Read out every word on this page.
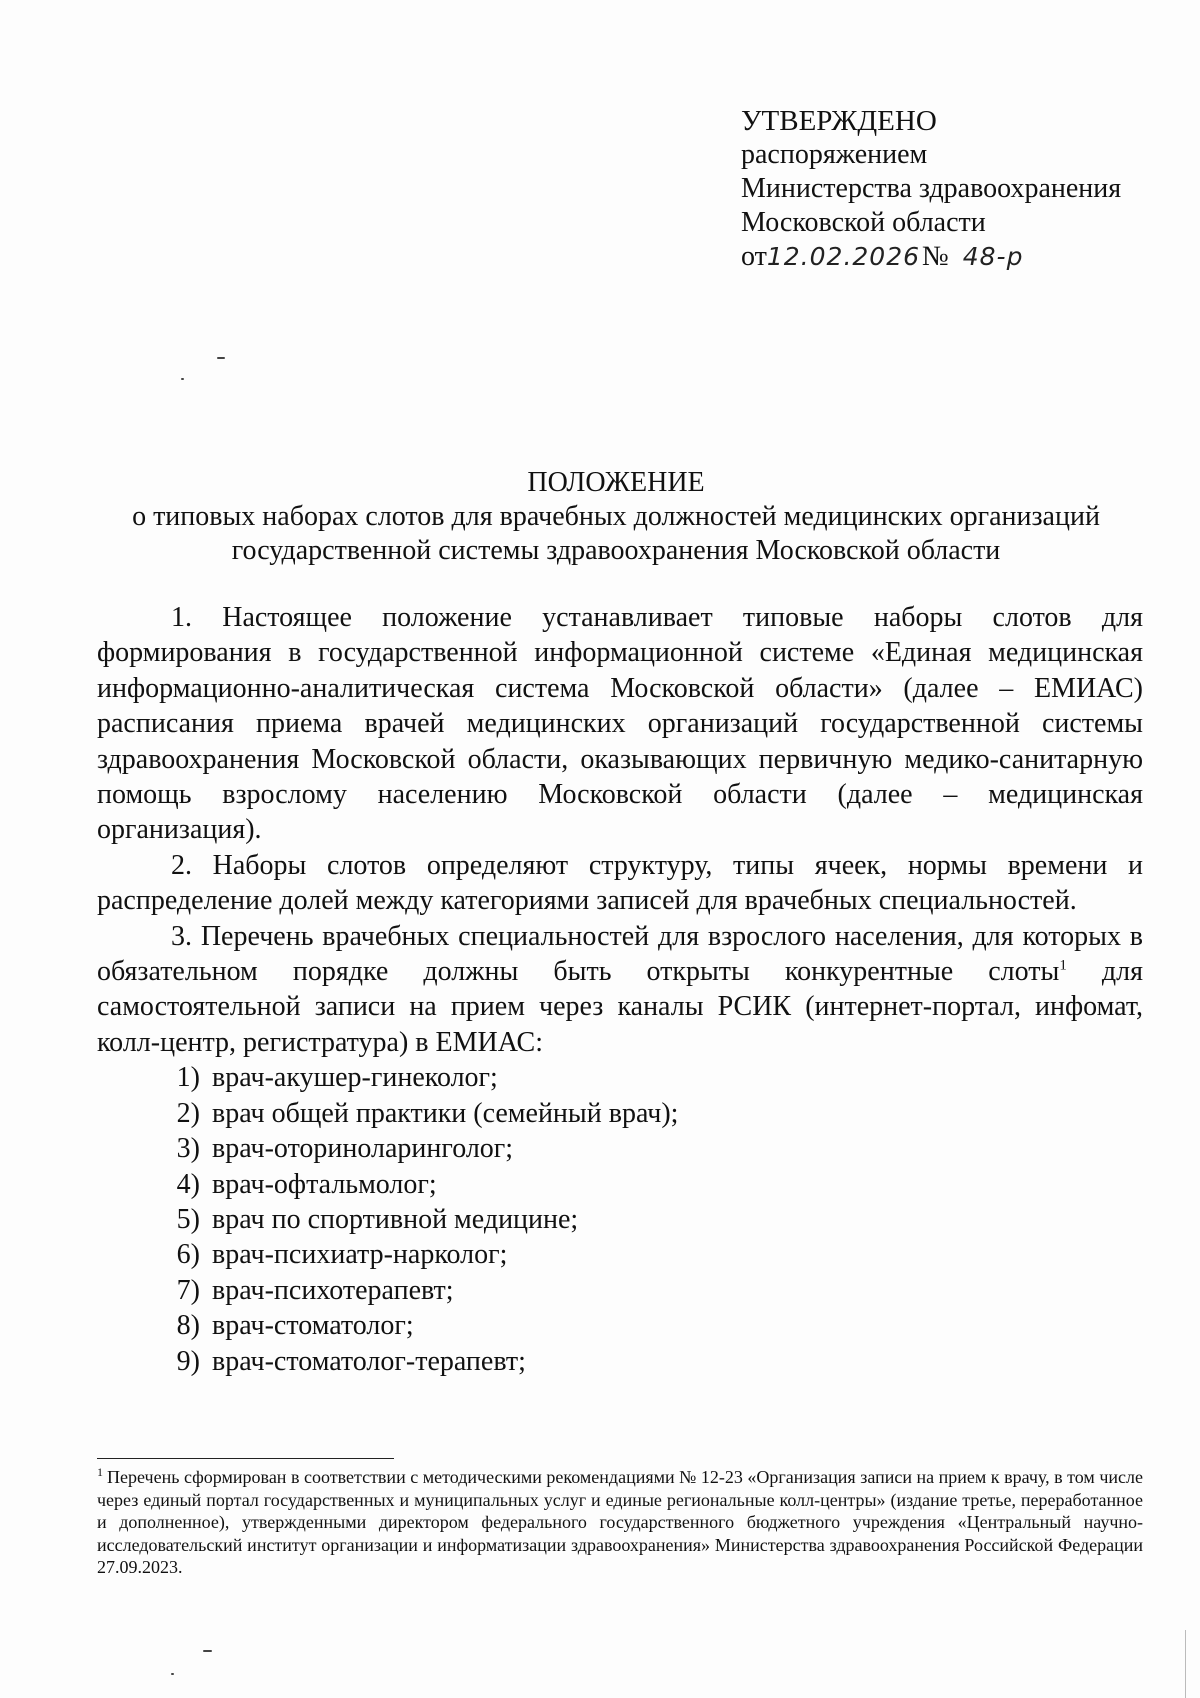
УТВЕРЖДЕНО
распоряжением
Министерства здравоохранения
Московской области
от12.02.2026№ 48-р
ПОЛОЖЕНИЕ
о типовых наборах слотов для врачебных должностей медицинских организаций
государственной системы здравоохранения Московской области

1. Настоящее положение устанавливает типовые наборы слотов для формирования в государственной информационной системе «Единая медицинская информационно-аналитическая система Московской области» (далее – ЕМИАС) расписания приема врачей медицинских организаций государственной системы здравоохранения Московской области, оказывающих первичную медико-санитарную помощь взрослому населению Московской области (далее – медицинская организация).

2. Наборы слотов определяют структуру, типы ячеек, нормы времени и распределение долей между категориями записей для врачебных специальностей.

3. Перечень врачебных специальностей для взрослого населения, для которых в обязательном порядке должны быть открыты конкурентные слоты$^1$ для самостоятельной записи на прием через каналы РСИК (интернет-портал, инфомат, колл-центр, регистратура) в ЕМИАС:

1) врач-акушер-гинеколог;
2) врач общей практики (семейный врач);
3) врач-оториноларинголог;
4) врач-офтальмолог;
5) врач по спортивной медицине;
6) врач-психиатр-нарколог;
7) врач-психотерапевт;
8) врач-стоматолог;
9) врач-стоматолог-терапевт;
$^1$ Перечень сформирован в соответствии с методическими рекомендациями № 12-23 «Организация записи на прием к врачу, в том числе через единый портал государственных и муниципальных услуг и единые региональные колл-центры» (издание третье, переработанное и дополненное), утвержденными директором федерального государственного бюджетного учреждения «Центральный научно-исследовательский институт организации и информатизации здравоохранения» Министерства здравоохранения Российской Федерации 27.09.2023.
